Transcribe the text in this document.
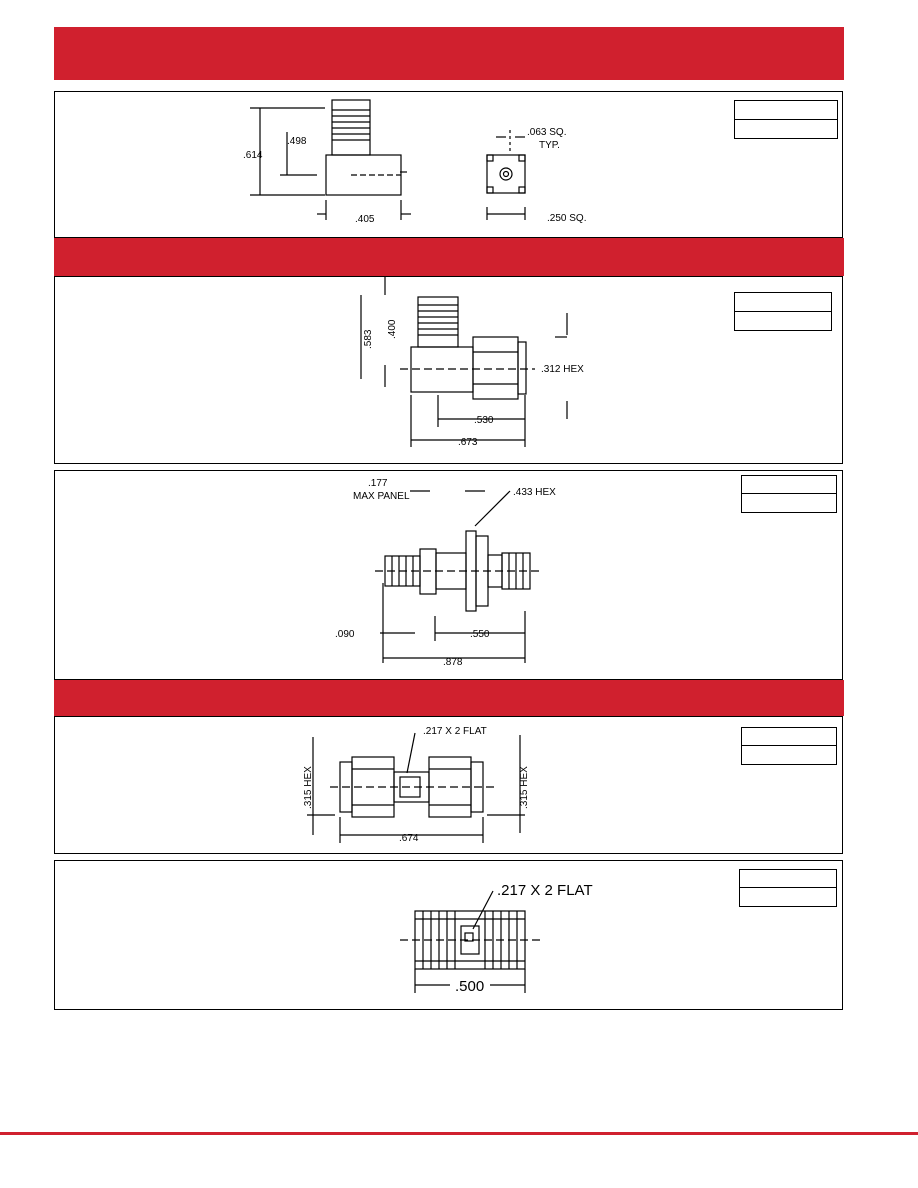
.614
.498
.405
.063 SQ.
TYP.
.250 SQ.
.583
.400
.312 HEX
.530
.673
.177
MAX PANEL	.433 HEX
.090	.550
.878
.217 X 2 FLAT
.315 HEX	.315 HEX
.674
.217 X 2 FLAT
.500
